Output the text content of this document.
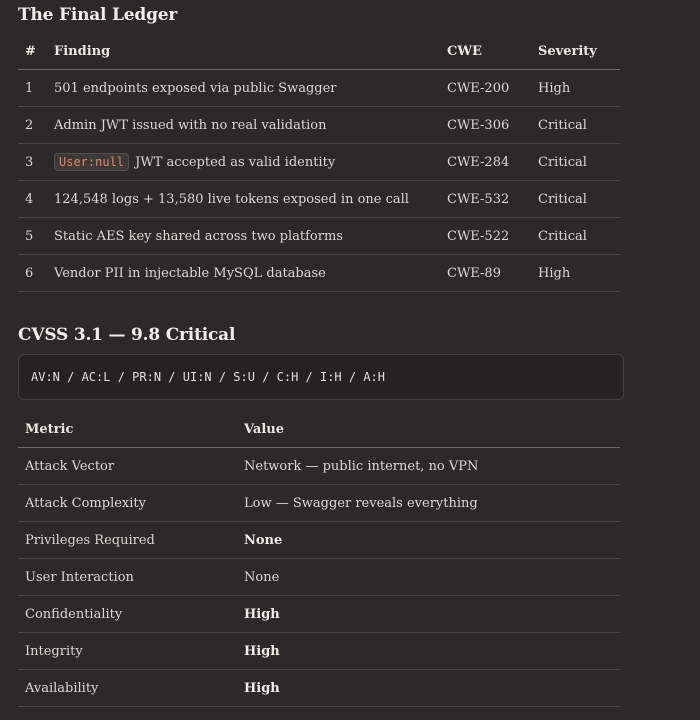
The Final Ledger
#	Finding	CWE	Severity
1	501 endpoints exposed via public Swagger	CWE-200	High
2	Admin JWT issued with no real validation	CWE-306	Critical
3	User:null JWT accepted as valid identity	CWE-284	Critical
4	124,548 logs + 13,580 live tokens exposed in one call	CWE-532	Critical
5	Static AES key shared across two platforms	CWE-522	Critical
6	Vendor PII in injectable MySQL database	CWE-89	High
CVSS 3.1 — 9.8 Critical
AV:N / AC:L / PR:N / UI:N / S:U / C:H / I:H / A:H
Metric	Value
Attack Vector	Network — public internet, no VPN
Attack Complexity	Low — Swagger reveals everything
Privileges Required	None
User Interaction	None
Confidentiality	High
Integrity	High
Availability	High
